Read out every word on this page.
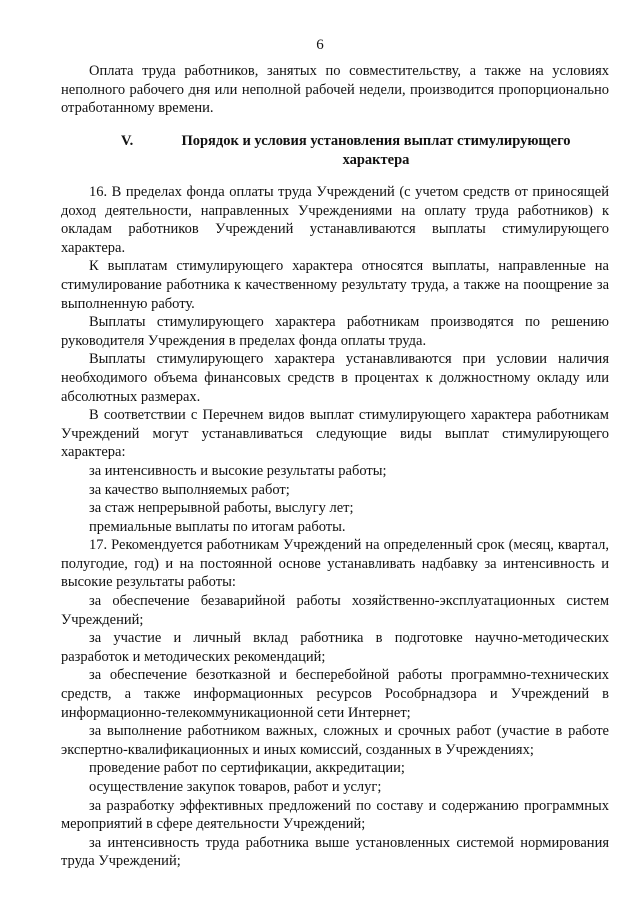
6

Оплата труда работников, занятых по совместительству, а также на условиях неполного рабочего дня или неполной рабочей недели, производится пропорционально отработанному времени.

V.	Порядок и условия установления выплат стимулирующего характера

16. В пределах фонда оплаты труда Учреждений (с учетом средств от приносящей доход деятельности, направленных Учреждениями на оплату труда работников) к окладам работников Учреждений устанавливаются выплаты стимулирующего характера.

К выплатам стимулирующего характера относятся выплаты, направленные на стимулирование работника к качественному результату труда, а также на поощрение за выполненную работу.

Выплаты стимулирующего характера работникам производятся по решению руководителя Учреждения в пределах фонда оплаты труда.

Выплаты стимулирующего характера устанавливаются при условии наличия необходимого объема финансовых средств в процентах к должностному окладу или абсолютных размерах.

В соответствии с Перечнем видов выплат стимулирующего характера работникам Учреждений могут устанавливаться следующие виды выплат стимулирующего характера:

за интенсивность и высокие результаты работы;

за качество выполняемых работ;

за стаж непрерывной работы, выслугу лет;

премиальные выплаты по итогам работы.

17. Рекомендуется работникам Учреждений на определенный срок (месяц, квартал, полугодие, год) и на постоянной основе устанавливать надбавку за интенсивность и высокие результаты работы:

за обеспечение безаварийной работы хозяйственно-эксплуатационных систем Учреждений;

за участие и личный вклад работника в подготовке научно-методических разработок и методических рекомендаций;

за обеспечение безотказной и бесперебойной работы программно-технических средств, а также информационных ресурсов Рособрнадзора и Учреждений в информационно-телекоммуникационной сети Интернет;

за выполнение работником важных, сложных и срочных работ (участие в работе экспертно-квалификационных и иных комиссий, созданных в Учреждениях;

проведение работ по сертификации, аккредитации;

осуществление закупок товаров, работ и услуг;

за разработку эффективных предложений по составу и содержанию программных мероприятий в сфере деятельности Учреждений;

за интенсивность труда работника выше установленных системой нормирования труда Учреждений;
